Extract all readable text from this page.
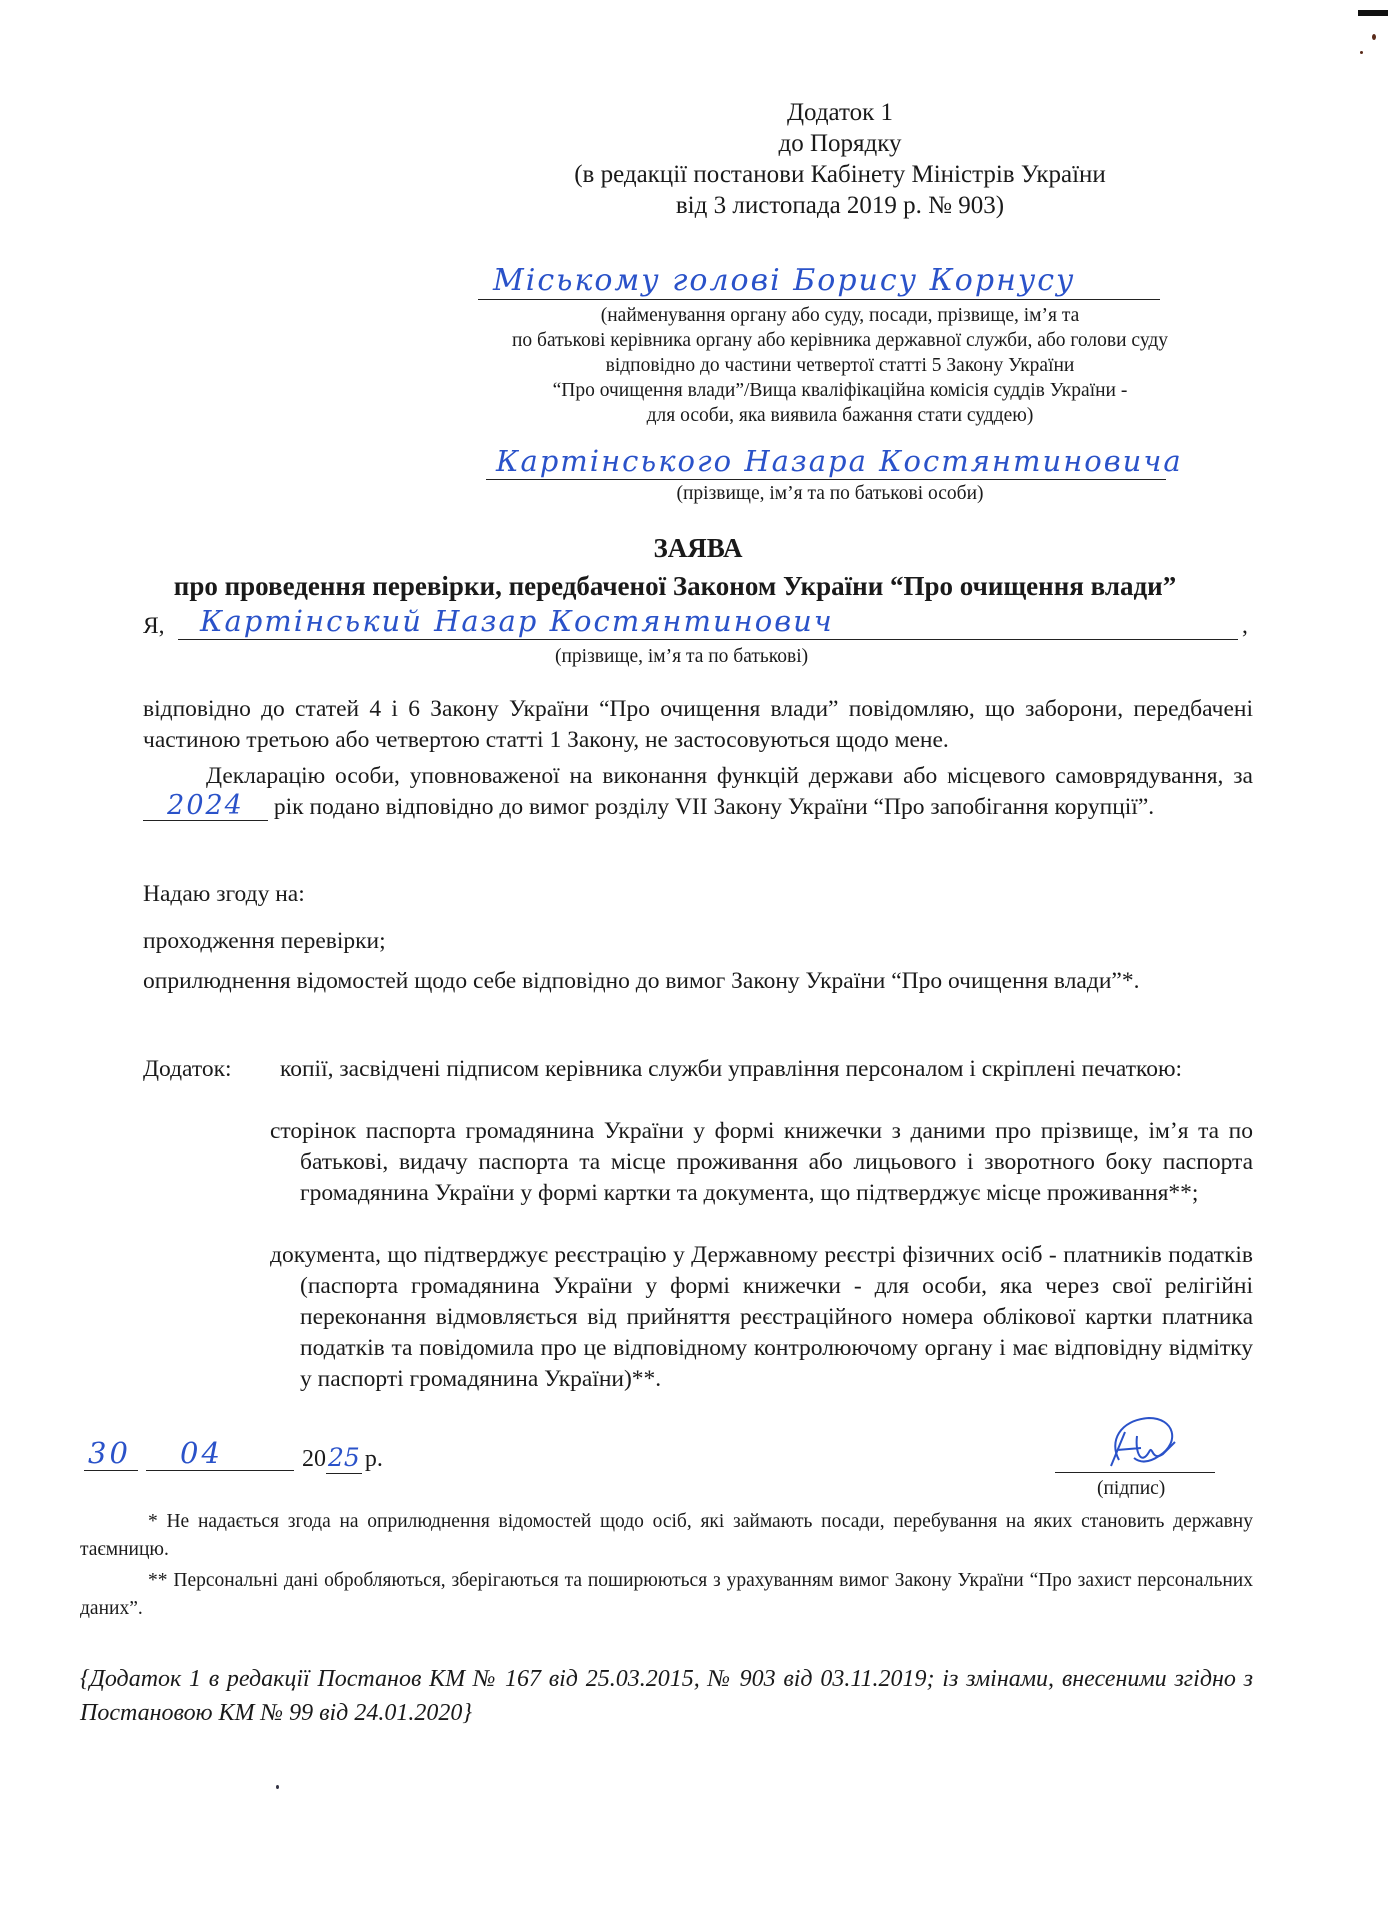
Додаток 1
до Порядку
(в редакції постанови Кабінету Міністрів України
від 3 листопада 2019 р. № 903)
Міському голові Борису Корнусу
(найменування органу або суду, посади, прізвище, ім’я та
по батькові керівника органу або керівника державної служби, або голови суду
відповідно до частини четвертої статті 5 Закону України
“Про очищення влади”/Вища кваліфікаційна комісія суддів України -
для особи, яка виявила бажання стати суддею)
Картінського Назара Костянтиновича
(прізвище, ім’я та по батькові особи)
ЗАЯВА
про проведення перевірки, передбаченої Законом України “Про очищення влади”
Я, Картінський Назар Костянтинович	,
(прізвище, ім’я та по батькові)
відповідно до статей 4 і 6 Закону України “Про очищення влади” повідомляю, що заборони, передбачені частиною третьою або четвертою статті 1 Закону, не застосовуються щодо мене.
Декларацію особи, уповноваженої на виконання функцій держави або місцевого самоврядування, за 2024 рік подано відповідно до вимог розділу VII Закону України “Про запобігання корупції”.
Надаю згоду на:
проходження перевірки;
оприлюднення відомостей щодо себе відповідно до вимог Закону України “Про очищення влади”*.
Додаток:	копії, засвідчені підписом керівника служби управління персоналом і скріплені печаткою:
сторінок паспорта громадянина України у формі книжечки з даними про прізвище, ім’я та по батькові, видачу паспорта та місце проживання або лицьового і зворотного боку паспорта громадянина України у формі картки та документа, що підтверджує місце проживання**;
документа, що підтверджує реєстрацію у Державному реєстрі фізичних осіб - платників податків (паспорта громадянина України у формі книжечки - для особи, яка через свої релігійні переконання відмовляється від прийняття реєстраційного номера облікової картки платника податків та повідомила про це відповідному контролюючому органу і має відповідну відмітку у паспорті громадянина України)**.
30 04	2025 р.
(підпис)
* Не надається згода на оприлюднення відомостей щодо осіб, які займають посади, перебування на яких становить державну таємницю.
** Персональні дані обробляються, зберігаються та поширюються з урахуванням вимог Закону України “Про захист персональних даних”.
{Додаток 1 в редакції Постанов КМ № 167 від 25.03.2015, № 903 від 03.11.2019; із змінами, внесеними згідно з Постановою КМ № 99 від 24.01.2020}
